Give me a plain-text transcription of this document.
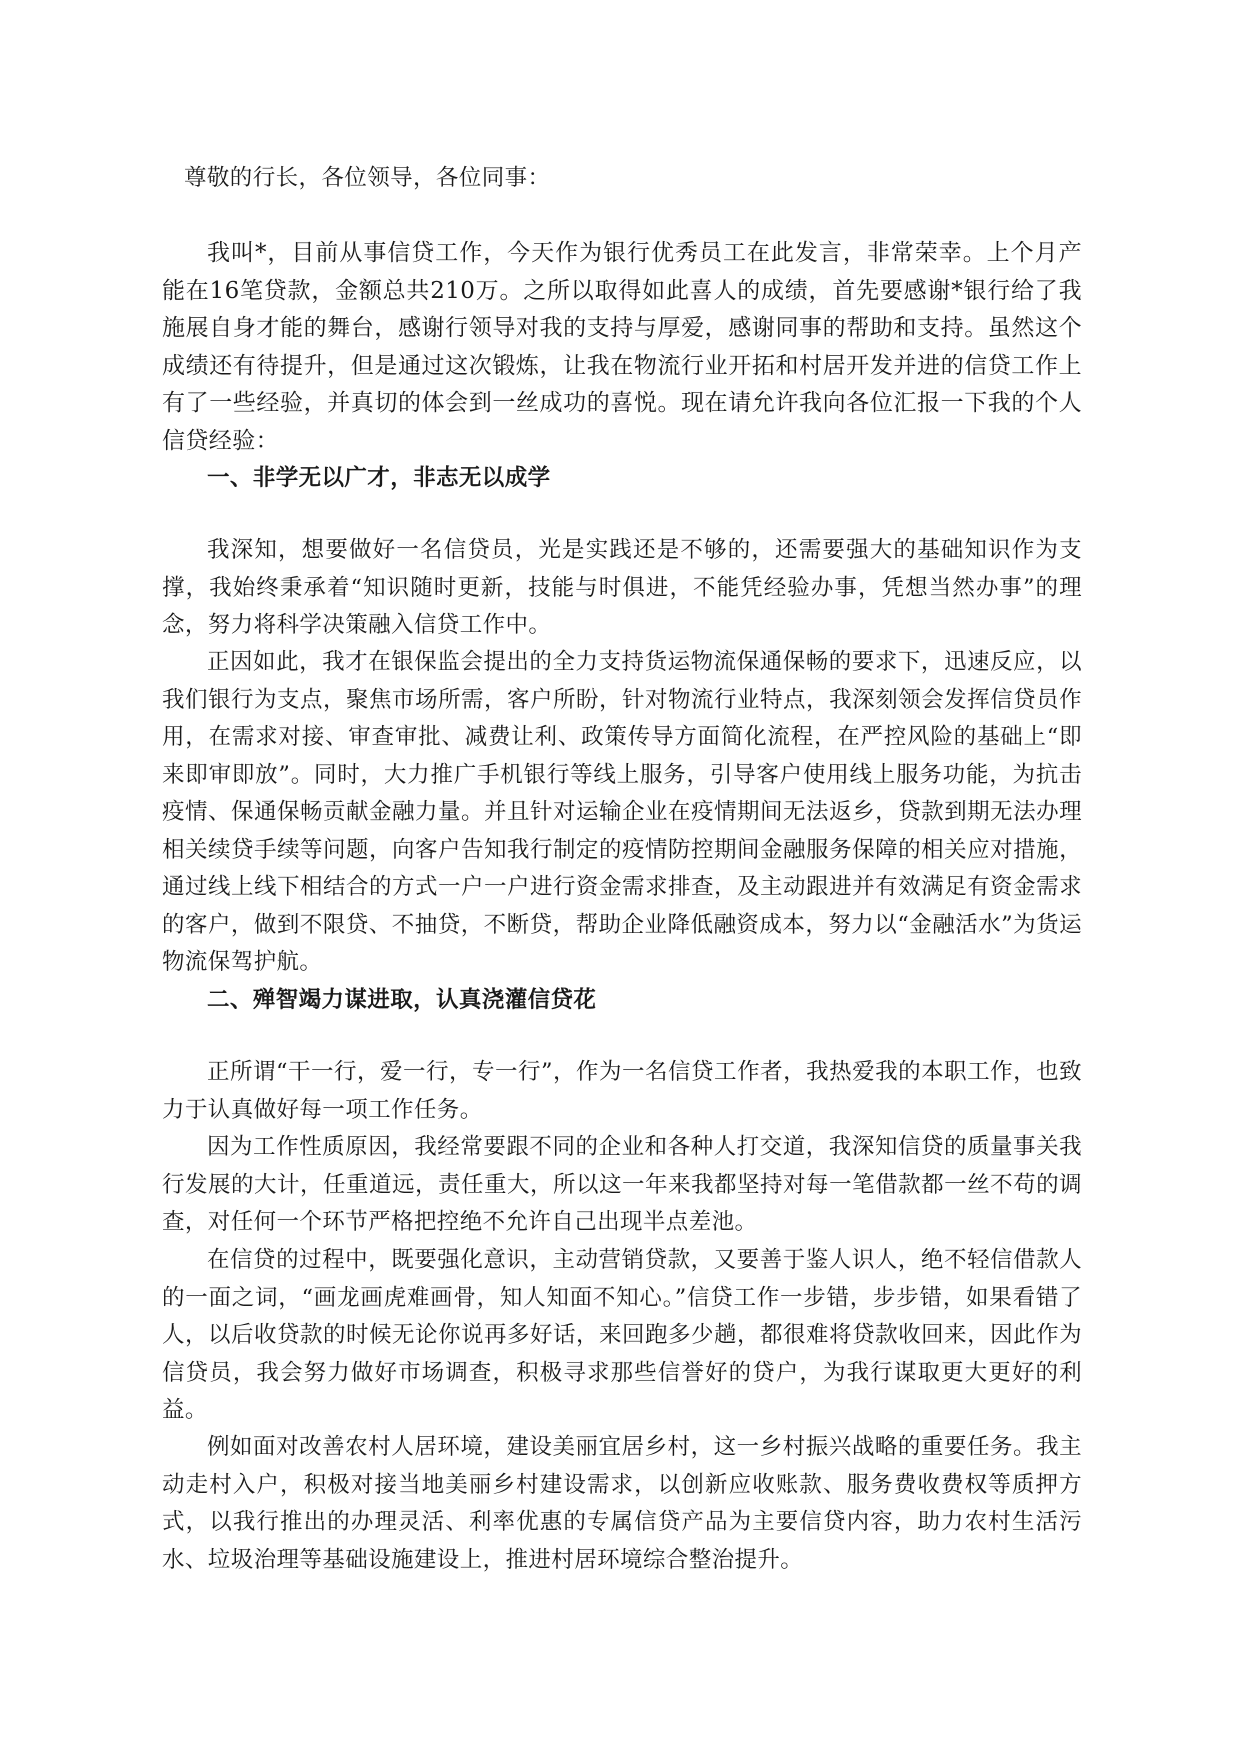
尊敬的行长，各位领导，各位同事：

我叫*，目前从事信贷工作，今天作为银行优秀员工在此发言，非常荣幸。上个月产能在16笔贷款，金额总共210万。之所以取得如此喜人的成绩，首先要感谢*银行给了我施展自身才能的舞台，感谢行领导对我的支持与厚爱，感谢同事的帮助和支持。虽然这个成绩还有待提升，但是通过这次锻炼，让我在物流行业开拓和村居开发并进的信贷工作上有了一些经验，并真切的体会到一丝成功的喜悦。现在请允许我向各位汇报一下我的个人信贷经验：

一、非学无以广才，非志无以成学

我深知，想要做好一名信贷员，光是实践还是不够的，还需要强大的基础知识作为支撑，我始终秉承着“知识随时更新，技能与时俱进，不能凭经验办事，凭想当然办事”的理念，努力将科学决策融入信贷工作中。

正因如此，我才在银保监会提出的全力支持货运物流保通保畅的要求下，迅速反应，以我们银行为支点，聚焦市场所需，客户所盼，针对物流行业特点，我深刻领会发挥信贷员作用，在需求对接、审查审批、减费让利、政策传导方面简化流程，在严控风险的基础上“即来即审即放”。同时，大力推广手机银行等线上服务，引导客户使用线上服务功能，为抗击疫情、保通保畅贡献金融力量。并且针对运输企业在疫情期间无法返乡，贷款到期无法办理相关续贷手续等问题，向客户告知我行制定的疫情防控期间金融服务保障的相关应对措施，通过线上线下相结合的方式一户一户进行资金需求排查，及主动跟进并有效满足有资金需求的客户，做到不限贷、不抽贷，不断贷，帮助企业降低融资成本，努力以“金融活水”为货运物流保驾护航。

二、殚智竭力谋进取，认真浇灌信贷花

正所谓“干一行，爱一行，专一行”，作为一名信贷工作者，我热爱我的本职工作，也致力于认真做好每一项工作任务。

因为工作性质原因，我经常要跟不同的企业和各种人打交道，我深知信贷的质量事关我行发展的大计，任重道远，责任重大，所以这一年来我都坚持对每一笔借款都一丝不苟的调查，对任何一个环节严格把控绝不允许自己出现半点差池。

在信贷的过程中，既要强化意识，主动营销贷款，又要善于鉴人识人，绝不轻信借款人的一面之词，“画龙画虎难画骨，知人知面不知心。”信贷工作一步错，步步错，如果看错了人，以后收贷款的时候无论你说再多好话，来回跑多少趟，都很难将贷款收回来，因此作为信贷员，我会努力做好市场调查，积极寻求那些信誉好的贷户，为我行谋取更大更好的利益。

例如面对改善农村人居环境，建设美丽宜居乡村，这一乡村振兴战略的重要任务。我主动走村入户，积极对接当地美丽乡村建设需求，以创新应收账款、服务费收费权等质押方式，以我行推出的办理灵活、利率优惠的专属信贷产品为主要信贷内容，助力农村生活污水、垃圾治理等基础设施建设上，推进村居环境综合整治提升。
